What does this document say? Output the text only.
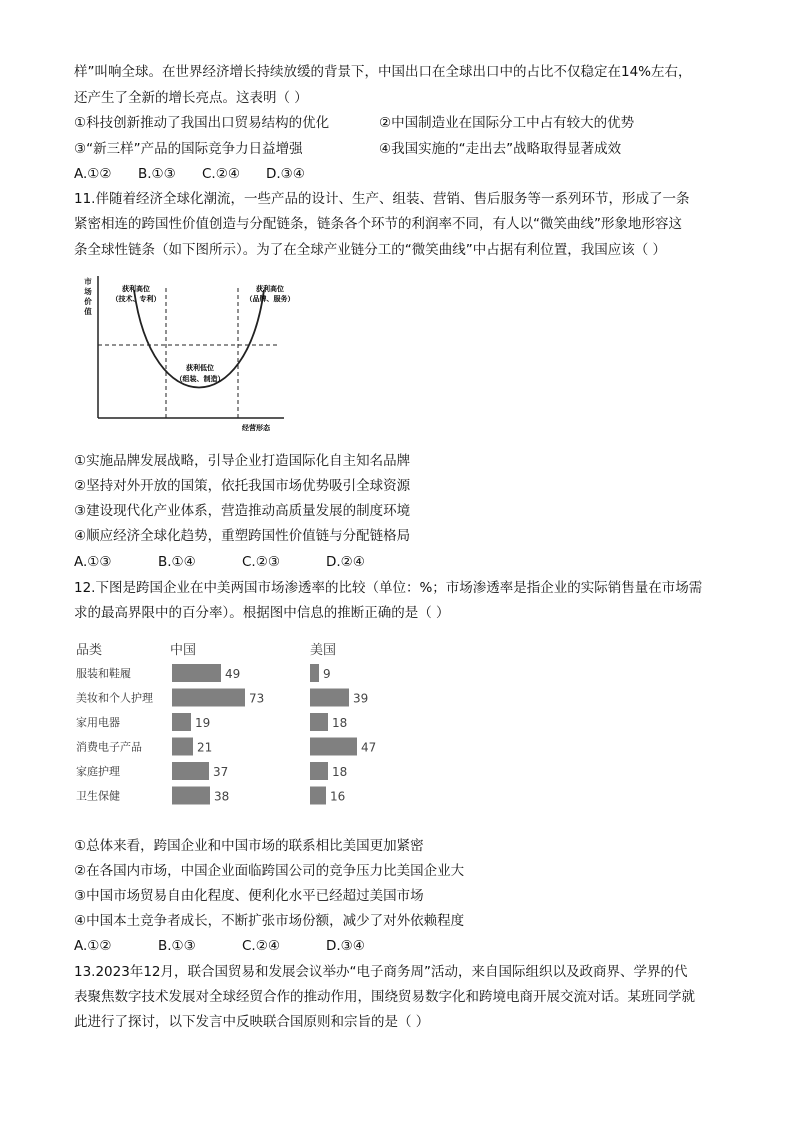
样”叫响全球。在世界经济增长持续放缓的背景下，中国出口在全球出口中的占比不仅稳定在14%左右，
还产生了全新的增长亮点。这表明（ ）
①科技创新推动了我国出口贸易结构的优化	②中国制造业在国际分工中占有较大的优势
③“新三样”产品的国际竞争力日益增强	④我国实施的“走出去”战略取得显著成效
A.①② B.①③ C.②④ D.③④
11.伴随着经济全球化潮流，一些产品的设计、生产、组装、营销、售后服务等一系列环节，形成了一条
紧密相连的跨国性价值创造与分配链条，链条各个环节的利润率不同，有人以“微笑曲线”形象地形容这
条全球性链条（如下图所示）。为了在全球产业链分工的“微笑曲线”中占据有利位置，我国应该（ ）
市
场
价
值
获利高位
（技术、专利）
获利高位
（品牌、服务）
获利低位
（组装、制造）
经营形态
①实施品牌发展战略，引导企业打造国际化自主知名品牌
②坚持对外开放的国策，依托我国市场优势吸引全球资源
③建设现代化产业体系，营造推动高质量发展的制度环境
④顺应经济全球化趋势，重塑跨国性价值链与分配链格局
A.①③	B.①④	C.②③	D.②④
12.下图是跨国企业在中美两国市场渗透率的比较（单位：%；市场渗透率是指企业的实际销售量在市场需
求的最高界限中的百分率）。根据图中信息的推断正确的是（ ）
品类	中国	美国
服装和鞋履	49	9
美妆和个人护理	73	39
家用电器	19	18
消费电子产品	21	47
家庭护理	37	18
卫生保健	38	16
①总体来看，跨国企业和中国市场的联系相比美国更加紧密
②在各国内市场，中国企业面临跨国公司的竞争压力比美国企业大
③中国市场贸易自由化程度、便利化水平已经超过美国市场
④中国本土竞争者成长，不断扩张市场份额，减少了对外依赖程度
A.①②	B.①③	C.②④	D.③④
13.2023年12月，联合国贸易和发展会议举办“电子商务周”活动，来自国际组织以及政商界、学界的代
表聚焦数字技术发展对全球经贸合作的推动作用，围绕贸易数字化和跨境电商开展交流对话。某班同学就
此进行了探讨，以下发言中反映联合国原则和宗旨的是（ ）
